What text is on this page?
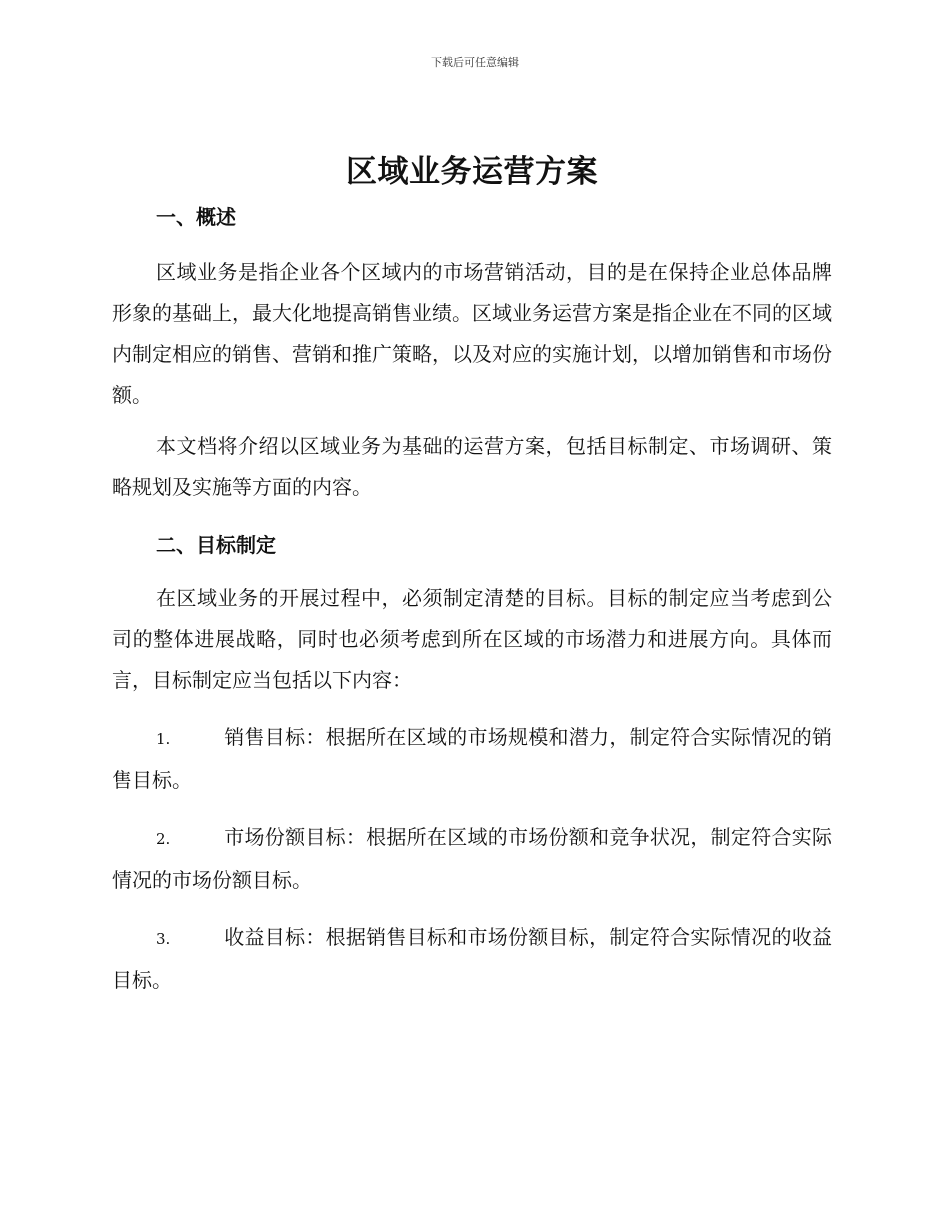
下载后可任意编辑
区域业务运营方案
一、概述

区域业务是指企业各个区域内的市场营销活动，目的是在保持企业总体品牌形象的基础上，最大化地提高销售业绩。区域业务运营方案是指企业在不同的区域内制定相应的销售、营销和推广策略，以及对应的实施计划，以增加销售和市场份额。

本文档将介绍以区域业务为基础的运营方案，包括目标制定、市场调研、策略规划及实施等方面的内容。

二、目标制定

在区域业务的开展过程中，必须制定清楚的目标。目标的制定应当考虑到公司的整体进展战略，同时也必须考虑到所在区域的市场潜力和进展方向。具体而言，目标制定应当包括以下内容：

1.	销售目标：根据所在区域的市场规模和潜力，制定符合实际情况的销售目标。

2.	市场份额目标：根据所在区域的市场份额和竞争状况，制定符合实际情况的市场份额目标。

3.	收益目标：根据销售目标和市场份额目标，制定符合实际情况的收益目标。
